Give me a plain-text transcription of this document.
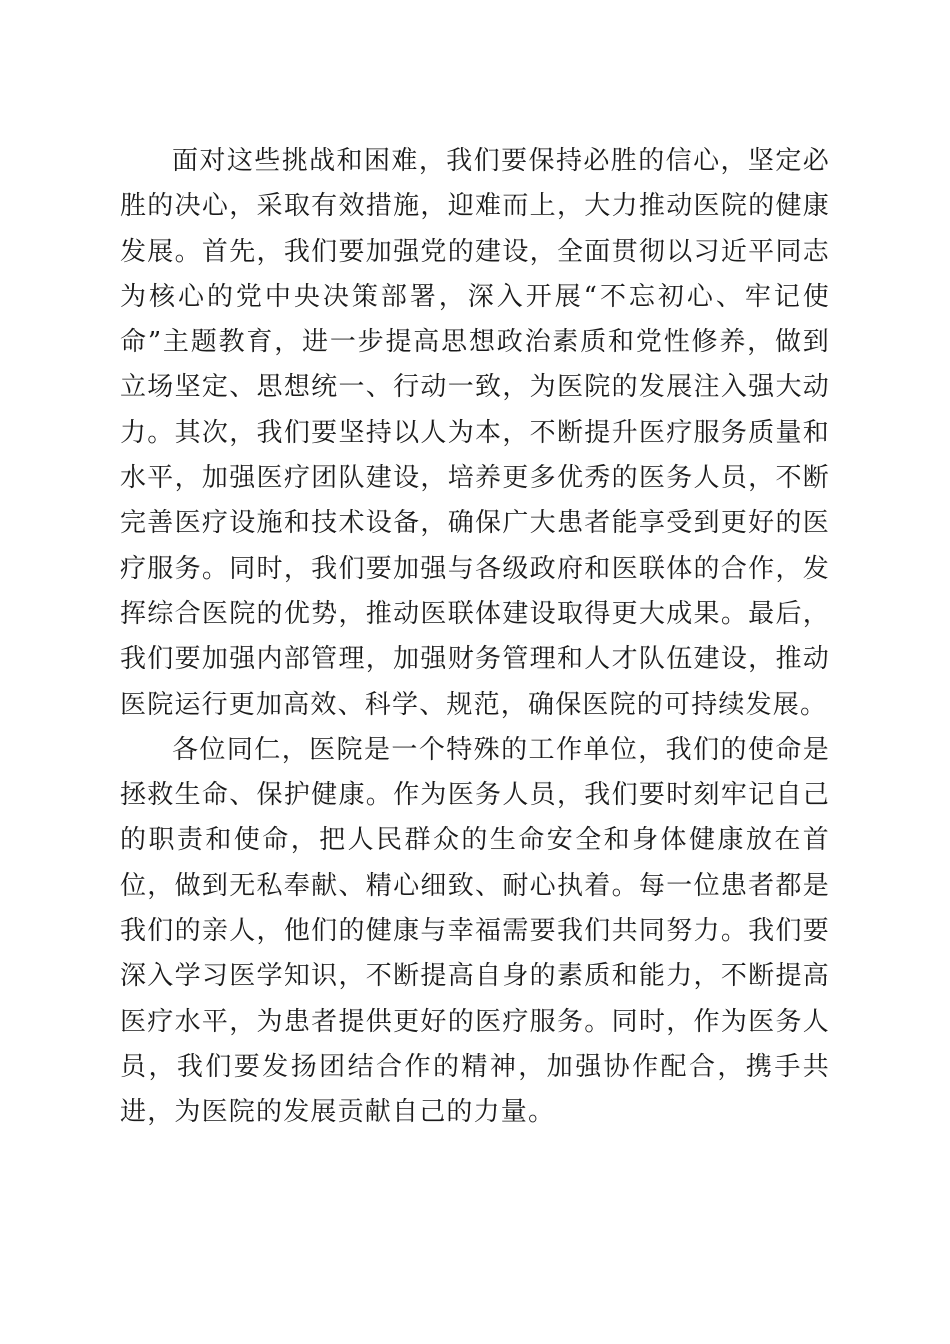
面对这些挑战和困难，我们要保持必胜的信心，坚定必胜的决心，采取有效措施，迎难而上，大力推动医院的健康发展。首先，我们要加强党的建设，全面贯彻以习近平同志为核心的党中央决策部署，深入开展“不忘初心、牢记使命”主题教育，进一步提高思想政治素质和党性修养，做到立场坚定、思想统一、行动一致，为医院的发展注入强大动力。其次，我们要坚持以人为本，不断提升医疗服务质量和水平，加强医疗团队建设，培养更多优秀的医务人员，不断完善医疗设施和技术设备，确保广大患者能享受到更好的医疗服务。同时，我们要加强与各级政府和医联体的合作，发挥综合医院的优势，推动医联体建设取得更大成果。最后，我们要加强内部管理，加强财务管理和人才队伍建设，推动医院运行更加高效、科学、规范，确保医院的可持续发展。

各位同仁，医院是一个特殊的工作单位，我们的使命是拯救生命、保护健康。作为医务人员，我们要时刻牢记自己的职责和使命，把人民群众的生命安全和身体健康放在首位，做到无私奉献、精心细致、耐心执着。每一位患者都是我们的亲人，他们的健康与幸福需要我们共同努力。我们要深入学习医学知识，不断提高自身的素质和能力，不断提高医疗水平，为患者提供更好的医疗服务。同时，作为医务人员，我们要发扬团结合作的精神，加强协作配合，携手共进，为医院的发展贡献自己的力量。
